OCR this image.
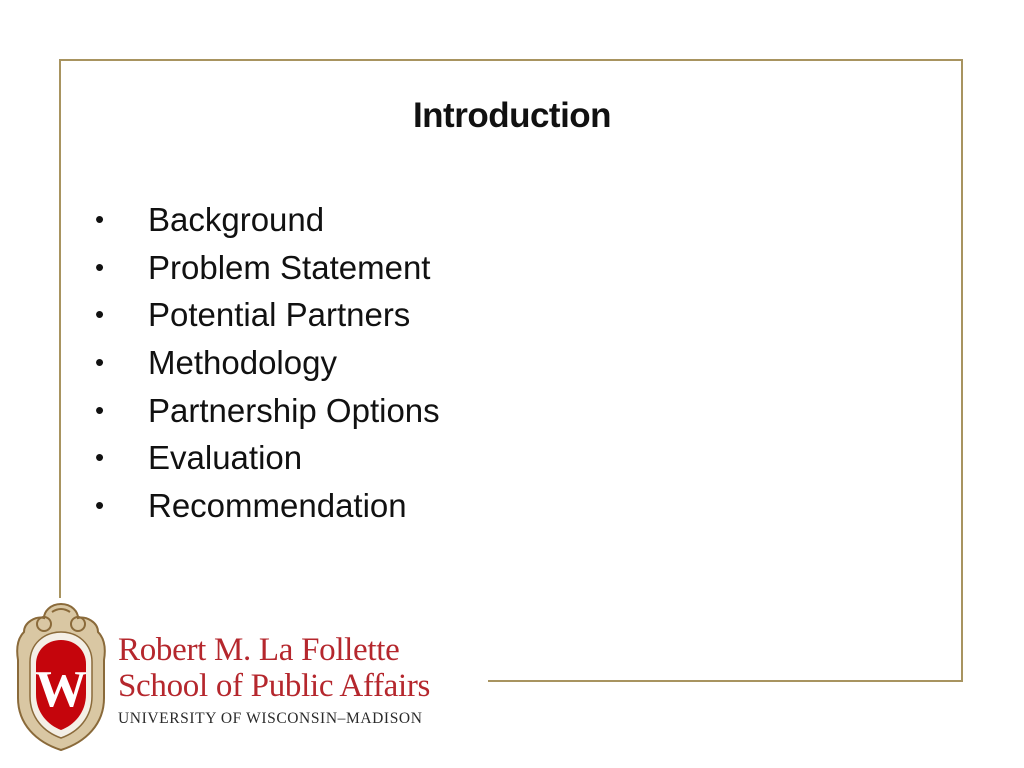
Introduction
• Background
• Problem Statement
• Potential Partners
• Methodology
• Partnership Options
• Evaluation
• Recommendation
W
Robert M. La Follette
School of Public Affairs
UNIVERSITY OF WISCONSIN–MADISON
